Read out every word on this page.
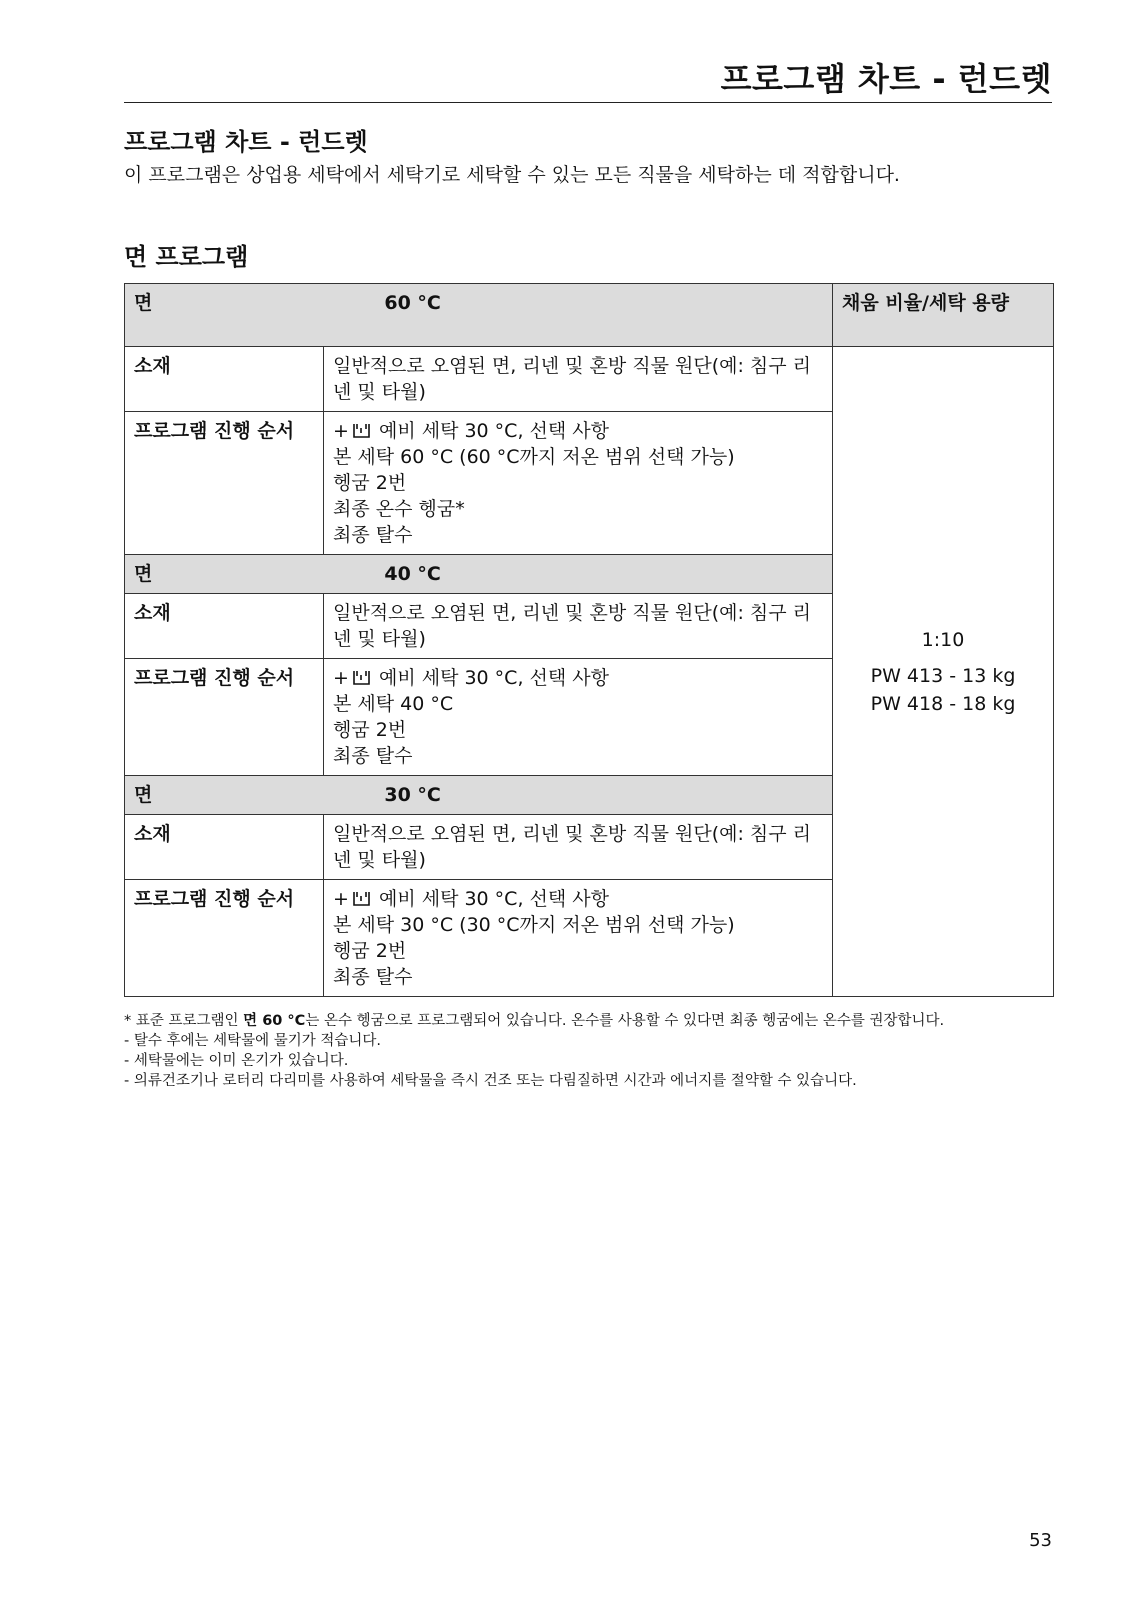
프로그램 차트 - 런드렛
프로그램 차트 - 런드렛

이 프로그램은 상업용 세탁에서 세탁기로 세탁할 수 있는 모든 직물을 세탁하는 데 적합합니다.

면 프로그램
면 60 °C		채움 비율/세탁 용량
소재	일반적으로 오염된 면, 리넨 및 혼방 직물 원단(예: 침구 리넨 및 타월)	1:10
PW 413 - 13 kg
PW 418 - 18 kg

프로그램 진행 순서	+ 예비 세탁 30 °C, 선택 사항
본 세탁 60 °C (60 °C까지 저온 범위 선택 가능)
헹굼 2번
최종 온수 헹굼*
최종 탈수	

면 40 °C		
소재	일반적으로 오염된 면, 리넨 및 혼방 직물 원단(예: 침구 리넨 및 타월)	
프로그램 진행 순서	+ 예비 세탁 30 °C, 선택 사항
본 세탁 40 °C
헹굼 2번
최종 탈수	

면 30 °C		
소재	일반적으로 오염된 면, 리넨 및 혼방 직물 원단(예: 침구 리넨 및 타월)	
프로그램 진행 순서	+ 예비 세탁 30 °C, 선택 사항
본 세탁 30 °C (30 °C까지 저온 범위 선택 가능)
헹굼 2번
최종 탈수	

* 표준 프로그램인 면 60 °C는 온수 헹굼으로 프로그램되어 있습니다. 온수를 사용할 수 있다면 최종 헹굼에는 온수를 권장합니다.

- 탈수 후에는 세탁물에 물기가 적습니다.

- 세탁물에는 이미 온기가 있습니다.

- 의류건조기나 로터리 다리미를 사용하여 세탁물을 즉시 건조 또는 다림질하면 시간과 에너지를 절약할 수 있습니다.

53
